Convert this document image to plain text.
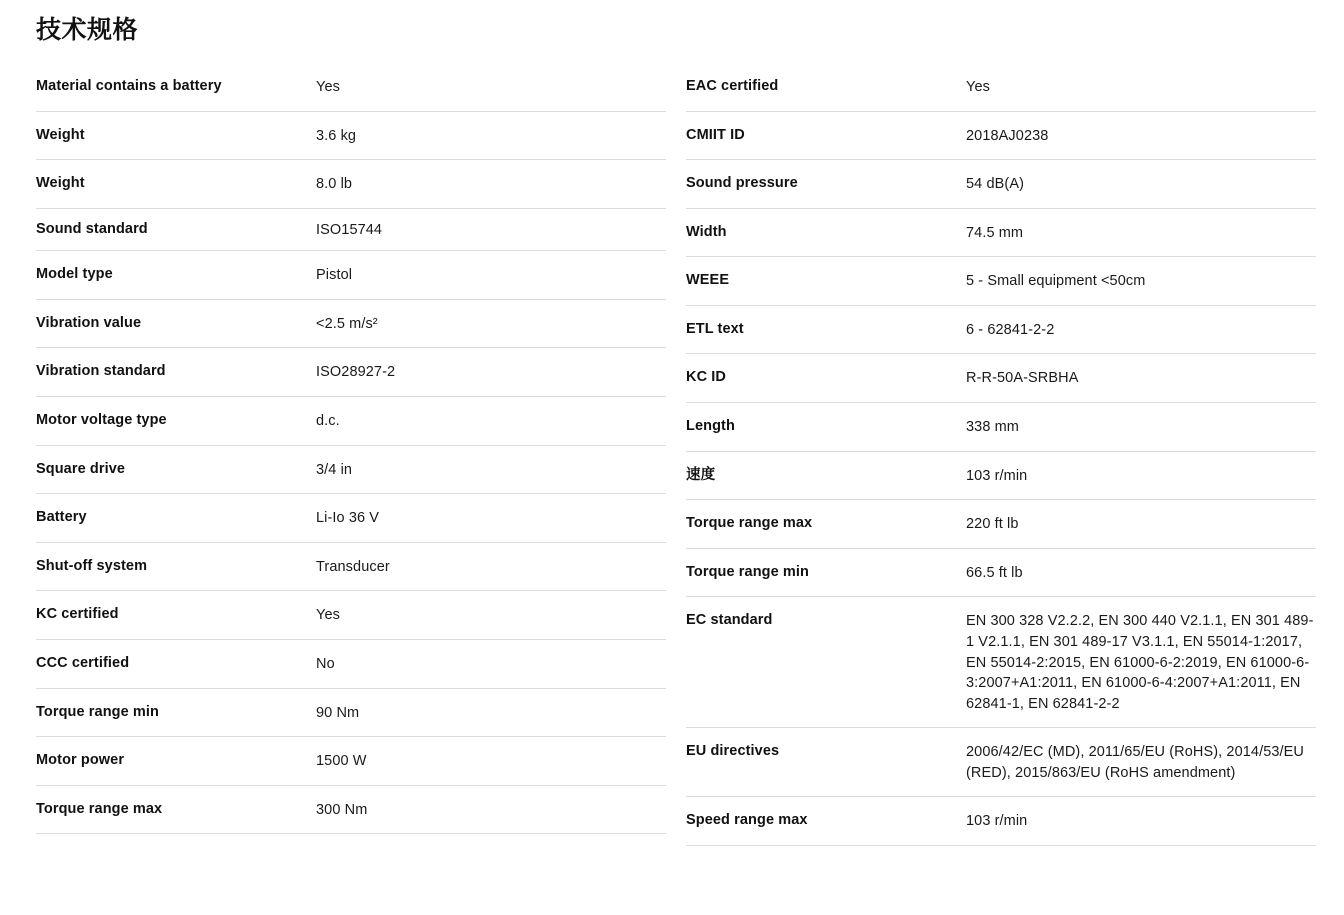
技术规格
Material contains a battery	Yes
Weight	3.6 kg
Weight	8.0 lb
Sound standard	ISO15744
Model type	Pistol
Vibration value	<2.5 m/s²
Vibration standard	ISO28927-2
Motor voltage type	d.c.
Square drive	3/4 in
Battery	Li-Io 36 V
Shut-off system	Transducer
KC certified	Yes
CCC certified	No
Torque range min	90 Nm
Motor power	1500 W
Torque range max	300 Nm
EAC certified	Yes
CMIIT ID	2018AJ0238
Sound pressure	54 dB(A)
Width	74.5 mm
WEEE	5 - Small equipment <50cm
ETL text	6 - 62841-2-2
KC ID	R-R-50A-SRBHA
Length	338 mm
速度	103 r/min
Torque range max	220 ft lb
Torque range min	66.5 ft lb
EC standard	EN 300 328 V2.2.2, EN 300 440 V2.1.1, EN 301 489-1 V2.1.1, EN 301 489-17 V3.1.1, EN 55014-1:2017, EN 55014-2:2015, EN 61000-6-2:2019, EN 61000-6-3:2007+A1:2011, EN 61000-6-4:2007+A1:2011, EN 62841-1, EN 62841-2-2
EU directives	2006/42/EC (MD), 2011/65/EU (RoHS), 2014/53/EU (RED), 2015/863/EU (RoHS amendment)
Speed range max	103 r/min
